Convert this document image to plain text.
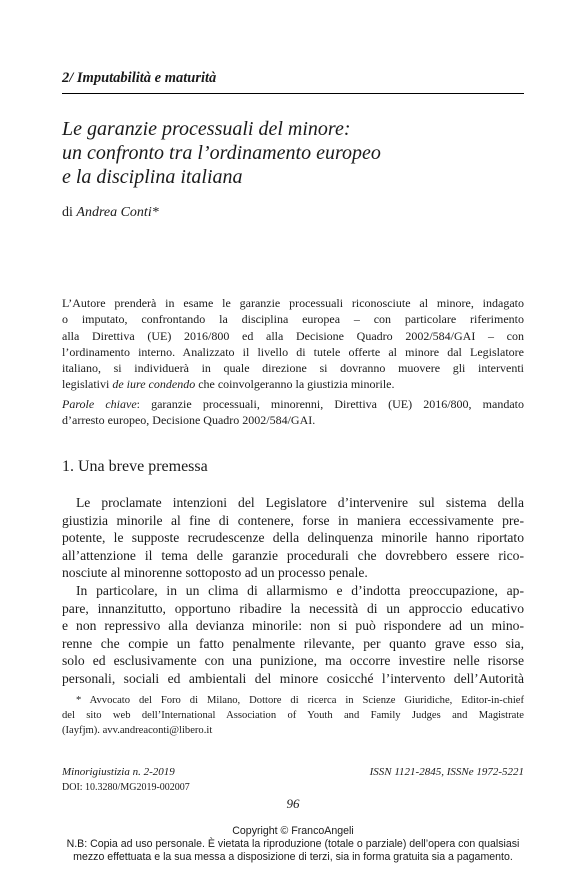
2/ Imputabilità e maturità
Le garanzie processuali del minore:
un confronto tra l’ordinamento europeo
e la disciplina italiana
di Andrea Conti*
L’Autore prenderà in esame le garanzie processuali riconosciute al minore, indagato
o imputato, confrontando la disciplina europea – con particolare riferimento
alla Direttiva (UE) 2016/800 ed alla Decisione Quadro 2002/584/GAI – con
l’ordinamento interno. Analizzato il livello di tutele offerte al minore dal Legislatore
italiano, si individuerà in quale direzione si dovranno muovere gli interventi
legislativi de iure condendo che coinvolgeranno la giustizia minorile.
Parole chiave: garanzie processuali, minorenni, Direttiva (UE) 2016/800, mandato
d’arresto europeo, Decisione Quadro 2002/584/GAI.
1. Una breve premessa
Le proclamate intenzioni del Legislatore d’intervenire sul sistema della
giustizia minorile al fine di contenere, forse in maniera eccessivamente pre-
potente, le supposte recrudescenze della delinquenza minorile hanno riportato
all’attenzione il tema delle garanzie procedurali che dovrebbero essere rico-
nosciute al minorenne sottoposto ad un processo penale.
In particolare, in un clima di allarmismo e d’indotta preoccupazione, ap-
pare, innanzitutto, opportuno ribadire la necessità di un approccio educativo
e non repressivo alla devianza minorile: non si può rispondere ad un mino-
renne che compie un fatto penalmente rilevante, per quanto grave esso sia,
solo ed esclusivamente con una punizione, ma occorre investire nelle risorse
personali, sociali ed ambientali del minore cosicché l’intervento dell’Autorità
* Avvocato del Foro di Milano, Dottore di ricerca in Scienze Giuridiche, Editor-in-chief
del sito web dell’International Association of Youth and Family Judges and Magistrate
(Iayfjm). avv.andreaconti@libero.it
Minorigiustizia n. 2-2019	ISSN 1121-2845, ISSNe 1972-5221
DOI: 10.3280/MG2019-002007
96
Copyright © FrancoAngeli
N.B: Copia ad uso personale. È vietata la riproduzione (totale o parziale) dell’opera con qualsiasi
mezzo effettuata e la sua messa a disposizione di terzi, sia in forma gratuita sia a pagamento.
